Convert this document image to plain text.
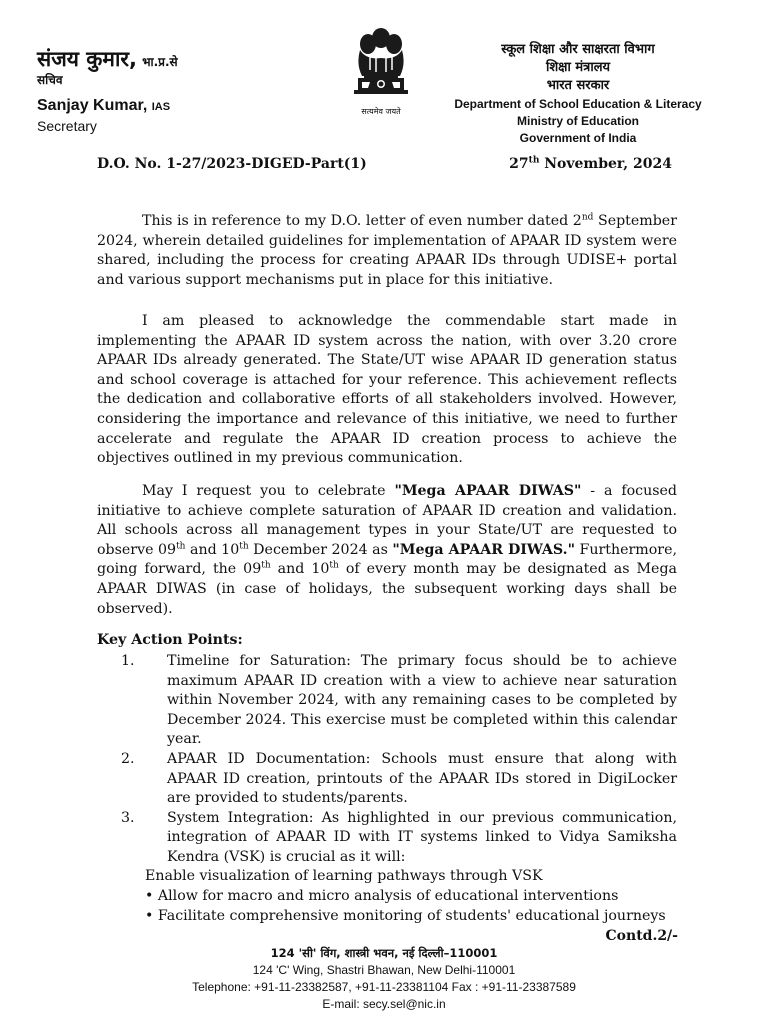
संजय कुमार, भा.प्र.से
सचिव
Sanjay Kumar, IAS
Secretary
सत्यमेव जयते
स्कूल शिक्षा और साक्षरता विभाग
शिक्षा मंत्रालय
भारत सरकार
Department of School Education & Literacy
Ministry of Education
Government of India
D.O. No. 1-27/2023-DIGED-Part(1)	27th November, 2024
This is in reference to my D.O. letter of even number dated 2nd September 2024, wherein detailed guidelines for implementation of APAAR ID system were shared, including the process for creating APAAR IDs through UDISE+ portal and various support mechanisms put in place for this initiative.
I am pleased to acknowledge the commendable start made in implementing the APAAR ID system across the nation, with over 3.20 crore APAAR IDs already generated. The State/UT wise APAAR ID generation status and school coverage is attached for your reference. This achievement reflects the dedication and collaborative efforts of all stakeholders involved. However, considering the importance and relevance of this initiative, we need to further accelerate and regulate the APAAR ID creation process to achieve the objectives outlined in my previous communication.
May I request you to celebrate "Mega APAAR DIWAS" - a focused initiative to achieve complete saturation of APAAR ID creation and validation. All schools across all management types in your State/UT are requested to observe 09th and 10th December 2024 as "Mega APAAR DIWAS." Furthermore, going forward, the 09th and 10th of every month may be designated as Mega APAAR DIWAS (in case of holidays, the subsequent working days shall be observed).
Key Action Points:
1. Timeline for Saturation: The primary focus should be to achieve maximum APAAR ID creation with a view to achieve near saturation within November 2024, with any remaining cases to be completed by December 2024. This exercise must be completed within this calendar year.
2. APAAR ID Documentation: Schools must ensure that along with APAAR ID creation, printouts of the APAAR IDs stored in DigiLocker are provided to students/parents.
3. System Integration: As highlighted in our previous communication, integration of APAAR ID with IT systems linked to Vidya Samiksha Kendra (VSK) is crucial as it will:
Enable visualization of learning pathways through VSK
• Allow for macro and micro analysis of educational interventions
• Facilitate comprehensive monitoring of students' educational journeys
Contd.2/-
124 'सी' विंग, शास्त्री भवन, नई दिल्ली–110001
124 'C' Wing, Shastri Bhawan, New Delhi-110001
Telephone: +91-11-23382587, +91-11-23381104 Fax : +91-11-23387589
E-mail: secy.sel@nic.in
